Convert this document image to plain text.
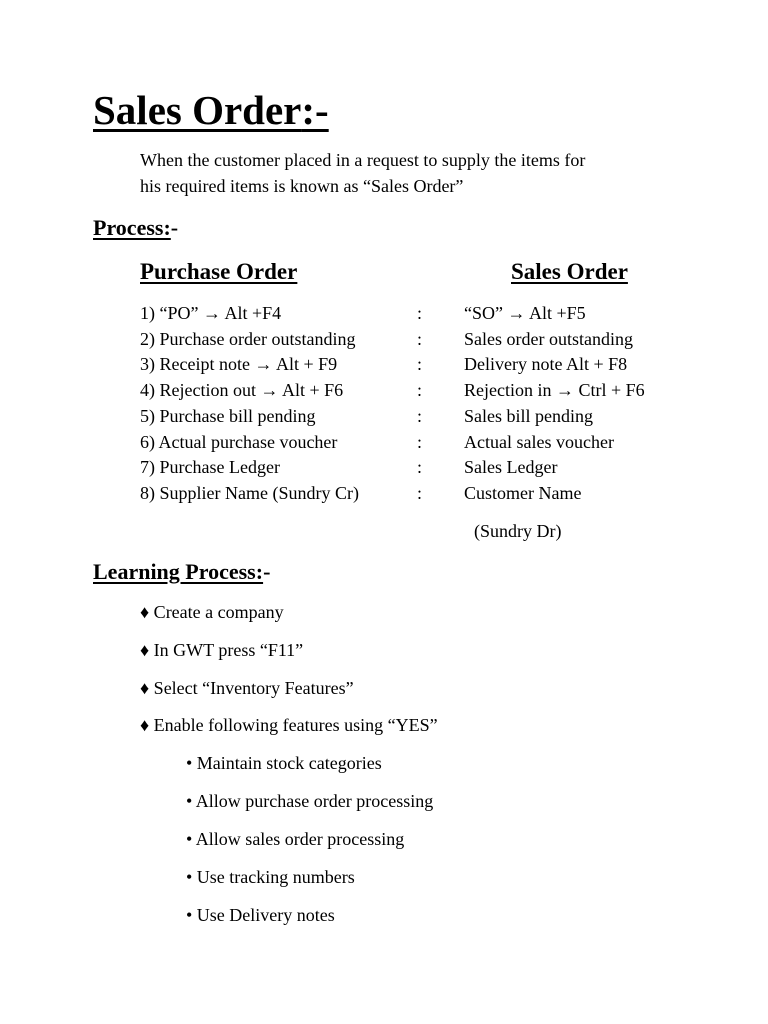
Sales Order:-
When the customer placed in a request to supply the items for
his required items is known as “Sales Order”
Process:-
Purchase Order	Sales Order
1) “PO” → Alt +F4	: “SO” → Alt +F5
2) Purchase order outstanding	: Sales order outstanding
3) Receipt note → Alt + F9	: Delivery note Alt + F8
4) Rejection out → Alt + F6	: Rejection in → Ctrl + F6
5) Purchase bill pending	: Sales bill pending
6) Actual purchase voucher	: Actual sales voucher
7) Purchase Ledger	: Sales Ledger
8) Supplier Name (Sundry Cr)	: Customer Name
(Sundry Dr)
Learning Process:-
♦ Create a company
♦ In GWT press “F11”
♦ Select “Inventory Features”
♦ Enable following features using “YES”
• Maintain stock categories
• Allow purchase order processing
• Allow sales order processing
• Use tracking numbers
• Use Delivery notes
